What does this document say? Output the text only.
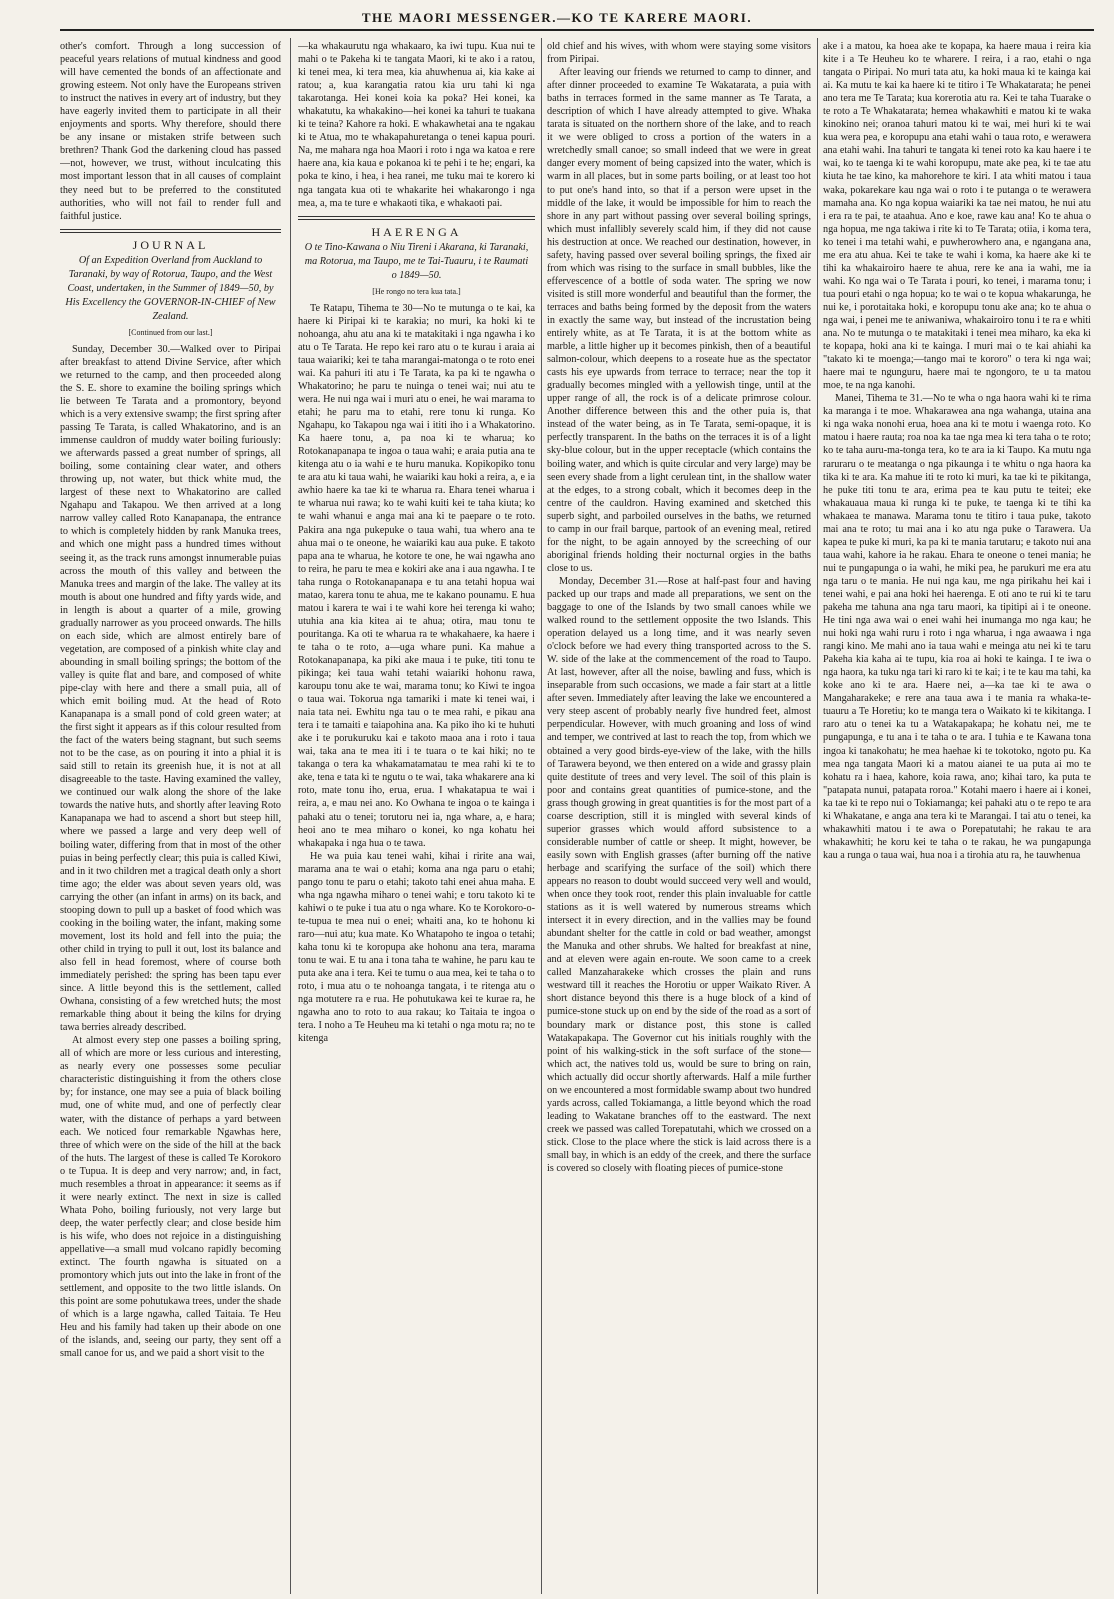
THE MAORI MESSENGER.—KO TE KARERE MAORI.

other's comfort. Through a long succession of peaceful years relations of mutual kindness and good will have cemented the bonds of an affectionate and growing esteem. Not only have the Europeans striven to instruct the natives in every art of industry, but they have eagerly invited them to participate in all their enjoyments and sports. Why therefore, should there be any insane or mistaken strife between such brethren? Thank God the darkening cloud has passed—not, however, we trust, without inculcating this most important lesson that in all causes of complaint they need but to be preferred to the constituted authorities, who will not fail to render full and faithful justice.

JOURNAL
Of an Expedition Overland from Auckland to Taranaki, by way of Rotorua, Taupo, and the West Coast, undertaken, in the Summer of 1849—50, by His Excellency the GOVERNOR-IN-CHIEF of New Zealand.
[Continued from our last.]

Sunday, December 30.—Walked over to Piripai after breakfast to attend Divine Service, after which we returned to the camp, and then proceeded along the S. E. shore to examine the boiling springs which lie between Te Tarata and a promontory, beyond which is a very extensive swamp; the first spring after passing Te Tarata, is called Whakatorino, and is an immense cauldron of muddy water boiling furiously: we afterwards passed a great number of springs, all boiling, some containing clear water, and others throwing up, not water, but thick white mud, the largest of these next to Whakatorino are called Ngahapu and Takapou. We then arrived at a long narrow valley called Roto Kanapanapa, the entrance to which is completely hidden by rank Manuka trees, and which one might pass a hundred times without seeing it, as the track runs amongst innumerable puias across the mouth of this valley and between the Manuka trees and margin of the lake. The valley at its mouth is about one hundred and fifty yards wide, and in length is about a quarter of a mile, growing gradually narrower as you proceed onwards. The hills on each side, which are almost entirely bare of vegetation, are composed of a pinkish white clay and abounding in small boiling springs; the bottom of the valley is quite flat and bare, and composed of white pipe-clay with here and there a small puia, all of which emit boiling mud. At the head of Roto Kanapanapa is a small pond of cold green water; at the first sight it appears as if this colour resulted from the fact of the waters being stagnant, but such seems not to be the case, as on pouring it into a phial it is said still to retain its greenish hue, it is not at all disagreeable to the taste. Having examined the valley, we continued our walk along the shore of the lake towards the native huts, and shortly after leaving Roto Kanapanapa we had to ascend a short but steep hill, where we passed a large and very deep well of boiling water, differing from that in most of the other puias in being perfectly clear; this puia is called Kiwi, and in it two children met a tragical death only a short time ago; the elder was about seven years old, was carrying the other (an infant in arms) on its back, and stooping down to pull up a basket of food which was cooking in the boiling water, the infant, making some movement, lost its hold and fell into the puia; the other child in trying to pull it out, lost its balance and also fell in head foremost, where of course both immediately perished: the spring has been tapu ever since. A little beyond this is the settlement, called Owhana, consisting of a few wretched huts; the most remarkable thing about it being the kilns for drying tawa berries already described.

At almost every step one passes a boiling spring, all of which are more or less curious and interesting, as nearly every one possesses some peculiar characteristic distinguishing it from the others close by; for instance, one may see a puia of black boiling mud, one of white mud, and one of perfectly clear water, with the distance of perhaps a yard between each. We noticed four remarkable Ngawhas here, three of which were on the side of the hill at the back of the huts. The largest of these is called Te Korokoro o te Tupua. It is deep and very narrow; and, in fact, much resembles a throat in appearance: it seems as if it were nearly extinct. The next in size is called Whata Poho, boiling furiously, not very large but deep, the water perfectly clear; and close beside him is his wife, who does not rejoice in a distinguishing appellative—a small mud volcano rapidly becoming extinct. The fourth ngawha is situated on a promontory which juts out into the lake in front of the settlement, and opposite to the two little islands. On this point are some pohutukawa trees, under the shade of which is a large ngawha, called Taitaia. Te Heu Heu and his family had taken up their abode on one of the islands, and, seeing our party, they sent off a small canoe for us, and we paid a short visit to the

—ka whakaurutu nga whakaaro, ka iwi tupu. Kua nui te mahi o te Pakeha ki te tangata Maori, ki te ako i a ratou, ki tenei mea, ki tera mea, kia ahuwhenua ai, kia kake ai ratou; a, kua karangatia ratou kia uru tahi ki nga takarotanga. Hei konei koia ka poka? Hei konei, ka whakatutu, ka whakakino—hei konei ka tahuri te tuakana ki te teina? Kahore ra hoki. E whakawhetai ana te ngakau ki te Atua, mo te whakapahuretanga o tenei kapua pouri. Na, me mahara nga hoa Maori i roto i nga wa katoa e rere haere ana, kia kaua e pokanoa ki te pehi i te he; engari, ka poka te kino, i hea, i hea ranei, me tuku mai te korero ki nga tangata kua oti te whakarite hei whakarongo i nga mea, a, ma te ture e whakaoti tika, e whakaoti pai.

HAERENGA
O te Tino-Kawana o Niu Tireni i Akarana, ki Taranaki, ma Rotorua, ma Taupo, me te Tai-Tuauru, i te Raumati o 1849—50.
[He rongo no tera kua tata.]

Te Ratapu, Tihema te 30—No te mutunga o te kai, ka haere ki Piripai ki te karakia; no muri, ka hoki ki te nohoanga, ahu atu ana ki te matakitaki i nga ngawha i ko atu o Te Tarata. He repo kei raro atu o te kurau i araia ai taua waiariki; kei te taha marangai-matonga o te roto enei wai. Ka pahuri iti atu i Te Tarata, ka pa ki te ngawha o Whakatorino; he paru te nuinga o tenei wai; nui atu te wera. He nui nga wai i muri atu o enei, he wai marama to etahi; he paru ma to etahi, rere tonu ki runga. Ko Ngahapu, ko Takapou nga wai i ititi iho i a Whakatorino. Ka haere tonu, a, pa noa ki te wharua; ko Rotokanapanapa te ingoa o taua wahi; e araia putia ana te kitenga atu o ia wahi e te huru manuka. Kopikopiko tonu te ara atu ki taua wahi, he waiariki kau hoki a reira, a, e ia awhio haere ka tae ki te wharua ra. Ehara tenei wharua i te wharua nui rawa; ko te wahi kuiti kei te taha kiuta; ko te wahi whanui e anga mai ana ki te paepare o te roto. Pakira ana nga pukepuke o taua wahi, tua whero ana te ahua mai o te oneone, he waiariki kau aua puke. E takoto papa ana te wharua, he kotore te one, he wai ngawha ano to reira, he paru te mea e kokiri ake ana i aua ngawha. I te taha runga o Rotokanapanapa e tu ana tetahi hopua wai matao, karera tonu te ahua, me te kakano pounamu. E hua matou i karera te wai i te wahi kore hei terenga ki waho; utuhia ana kia kitea ai te ahua; otira, mau tonu te pouritanga. Ka oti te wharua ra te whakahaere, ka haere i te taha o te roto, a—uga whare puni. Ka mahue a Rotokanapanapa, ka piki ake maua i te puke, titi tonu te pikinga; kei taua wahi tetahi waiariki hohonu rawa, karoupu tonu ake te wai, marama tonu; ko Kiwi te ingoa o taua wai. Tokorua nga tamariki i mate ki tenei wai, i naia tata nei. Ewhitu nga tau o te mea rahi, e pikau ana tera i te tamaiti e taiapohina ana. Ka piko iho ki te huhuti ake i te porukuruku kai e takoto maoa ana i roto i taua wai, taka ana te mea iti i te tuara o te kai hiki; no te takanga o tera ka whakamatamatau te mea rahi ki te to ake, tena e tata ki te ngutu o te wai, taka whakarere ana ki roto, mate tonu iho, erua, erua. I whakatapua te wai i reira, a, e mau nei ano. Ko Owhana te ingoa o te kainga i pahaki atu o tenei; torutoru nei ia, nga whare, a, e hara; heoi ano te mea miharo o konei, ko nga kohatu hei whakapaka i nga hua o te tawa.

He wa puia kau tenei wahi, kihai i ririte ana wai, marama ana te wai o etahi; koma ana nga paru o etahi; pango tonu te paru o etahi; takoto tahi enei ahua maha. E wha nga ngawha miharo o tenei wahi; e toru takoto ki te kahiwi o te puke i tua atu o nga whare. Ko te Korokoro-o-te-tupua te mea nui o enei; whaiti ana, ko te hohonu ki raro—nui atu; kua mate. Ko Whatapoho te ingoa o tetahi; kaha tonu ki te koropupa ake hohonu ana tera, marama tonu te wai. E tu ana i tona taha te wahine, he paru kau te puta ake ana i tera. Kei te tumu o aua mea, kei te taha o to roto, i mua atu o te nohoanga tangata, i te ritenga atu o nga motutere ra e rua. He pohutukawa kei te kurae ra, he ngawha ano to roto to aua rakau; ko Taitaia te ingoa o tera. I noho a Te Heuheu ma ki tetahi o nga motu ra; no te kitenga

old chief and his wives, with whom were staying some visitors from Piripai.

After leaving our friends we returned to camp to dinner, and after dinner proceeded to examine Te Wakatarata, a puia with baths in terraces formed in the same manner as Te Tarata, a description of which I have already attempted to give. Whaka tarata is situated on the northern shore of the lake, and to reach it we were obliged to cross a portion of the waters in a wretchedly small canoe; so small indeed that we were in great danger every moment of being capsized into the water, which is warm in all places, but in some parts boiling, or at least too hot to put one's hand into, so that if a person were upset in the middle of the lake, it would be impossible for him to reach the shore in any part without passing over several boiling springs, which must infallibly severely scald him, if they did not cause his destruction at once. We reached our destination, however, in safety, having passed over several boiling springs, the fixed air from which was rising to the surface in small bubbles, like the effervescence of a bottle of soda water. The spring we now visited is still more wonderful and beautiful than the former, the terraces and baths being formed by the deposit from the waters in exactly the same way, but instead of the incrustation being entirely white, as at Te Tarata, it is at the bottom white as marble, a little higher up it becomes pinkish, then of a beautiful salmon-colour, which deepens to a roseate hue as the spectator casts his eye upwards from terrace to terrace; near the top it gradually becomes mingled with a yellowish tinge, until at the upper range of all, the rock is of a delicate primrose colour. Another difference between this and the other puia is, that instead of the water being, as in Te Tarata, semi-opaque, it is perfectly transparent. In the baths on the terraces it is of a light sky-blue colour, but in the upper receptacle (which contains the boiling water, and which is quite circular and very large) may be seen every shade from a light cerulean tint, in the shallow water at the edges, to a strong cobalt, which it becomes deep in the centre of the cauldron. Having examined and sketched this superb sight, and parboiled ourselves in the baths, we returned to camp in our frail barque, partook of an evening meal, retired for the night, to be again annoyed by the screeching of our aboriginal friends holding their nocturnal orgies in the baths close to us.

Monday, December 31.—Rose at half-past four and having packed up our traps and made all preparations, we sent on the baggage to one of the Islands by two small canoes while we walked round to the settlement opposite the two Islands. This operation delayed us a long time, and it was nearly seven o'clock before we had every thing transported across to the S. W. side of the lake at the commencement of the road to Taupo. At last, however, after all the noise, bawling and fuss, which is inseparable from such occasions, we made a fair start at a little after seven. Immediately after leaving the lake we encountered a very steep ascent of probably nearly five hundred feet, almost perpendicular. However, with much groaning and loss of wind and temper, we contrived at last to reach the top, from which we obtained a very good birds-eye-view of the lake, with the hills of Tarawera beyond, we then entered on a wide and grassy plain quite destitute of trees and very level. The soil of this plain is poor and contains great quantities of pumice-stone, and the grass though growing in great quantities is for the most part of a coarse description, still it is mingled with several kinds of superior grasses which would afford subsistence to a considerable number of cattle or sheep. It might, however, be easily sown with English grasses (after burning off the native herbage and scarifying the surface of the soil) which there appears no reason to doubt would succeed very well and would, when once they took root, render this plain invaluable for cattle stations as it is well watered by numerous streams which intersect it in every direction, and in the vallies may be found abundant shelter for the cattle in cold or bad weather, amongst the Manuka and other shrubs. We halted for breakfast at nine, and at eleven were again en-route. We soon came to a creek called Manzaharakeke which crosses the plain and runs westward till it reaches the Horotiu or upper Waikato River. A short distance beyond this there is a huge block of a kind of pumice-stone stuck up on end by the side of the road as a sort of boundary mark or distance post, this stone is called Watakapakapa. The Governor cut his initials roughly with the point of his walking-stick in the soft surface of the stone—which act, the natives told us, would be sure to bring on rain, which actually did occur shortly afterwards. Half a mile further on we encountered a most formidable swamp about two hundred yards across, called Tokiamanga, a little beyond which the road leading to Wakatane branches off to the eastward. The next creek we passed was called Torepatutahi, which we crossed on a stick. Close to the place where the stick is laid across there is a small bay, in which is an eddy of the creek, and there the surface is covered so closely with floating pieces of pumice-stone

ake i a matou, ka hoea ake te kopapa, ka haere maua i reira kia kite i a Te Heuheu ko te wharere. I reira, i a rao, etahi o nga tangata o Piripai. No muri tata atu, ka hoki maua ki te kainga kai ai. Ka mutu te kai ka haere ki te titiro i Te Whakatarata; he penei ano tera me Te Tarata; kua korerotia atu ra. Kei te taha Tuarake o te roto a Te Whakatarata; hemea whakawhiti e matou ki te waka kinokino nei; oranoa tahuri matou ki te wai, mei huri ki te wai kua wera pea, e koropupu ana etahi wahi o taua roto, e werawera ana etahi wahi. Ina tahuri te tangata ki tenei roto ka kau haere i te wai, ko te taenga ki te wahi koropupu, mate ake pea, ki te tae atu kiuta he tae kino, ka mahorehore te kiri. I ata whiti matou i taua waka, pokarekare kau nga wai o roto i te putanga o te werawera mamaha ana. Ko nga kopua waiariki ka tae nei matou, he nui atu i era ra te pai, te ataahua. Ano e koe, rawe kau ana! Ko te ahua o nga hopua, me nga takiwa i rite ki to Te Tarata; otiia, i koma tera, ko tenei i ma tetahi wahi, e puwherowhero ana, e ngangana ana, me era atu ahua. Kei te take te wahi i koma, ka haere ake ki te tihi ka whakairoiro haere te ahua, rere ke ana ia wahi, me ia wahi. Ko nga wai o Te Tarata i pouri, ko tenei, i marama tonu; i tua pouri etahi o nga hopua; ko te wai o te kopua whakarunga, he nui ke, i porotaitaka hoki, e koropupu tonu ake ana; ko te ahua o nga wai, i penei me te aniwaniwa, whakairoiro tonu i te ra e whiti ana. No te mutunga o te matakitaki i tenei mea miharo, ka eka ki te kopapa, hoki ana ki te kainga. I muri mai o te kai ahiahi ka "takato ki te moenga;—tango mai te kororo" o tera ki nga wai; haere mai te ngunguru, haere mai te ngongoro, te u ta matou moe, te na nga kanohi.

Manei, Tihema te 31.—No te wha o nga haora wahi ki te rima ka maranga i te moe. Whakarawea ana nga wahanga, utaina ana ki nga waka nonohi erua, hoea ana ki te motu i waenga roto. Ko matou i haere rauta; roa noa ka tae nga mea ki tera taha o te roto; ko te taha auru-ma-tonga tera, ko te ara ia ki Taupo. Ka mutu nga raruraru o te meatanga o nga pikaunga i te whitu o nga haora ka tika ki te ara. Ka mahue iti te roto ki muri, ka tae ki te pikitanga, he puke titi tonu te ara, erima pea te kau putu te teitei; eke whakauaua maua ki runga ki te puke, te taenga ki te tihi ka whakaea te manawa. Marama tonu te titiro i taua puke, takoto mai ana te roto; tu mai ana i ko atu nga puke o Tarawera. Ua kapea te puke ki muri, ka pa ki te mania tarutaru; e takoto nui ana taua wahi, kahore ia he rakau. Ehara te oneone o tenei mania; he nui te pungapunga o ia wahi, he miki pea, he parukuri me era atu nga taru o te mania. He nui nga kau, me nga pirikahu hei kai i tenei wahi, e pai ana hoki hei haerenga. E oti ano te rui ki te taru pakeha me tahuna ana nga taru maori, ka tipitipi ai i te oneone. He tini nga awa wai o enei wahi hei inumanga mo nga kau; he nui hoki nga wahi ruru i roto i nga wharua, i nga awaawa i nga rangi kino. Me mahi ano ia taua wahi e meinga atu nei ki te taru Pakeha kia kaha ai te tupu, kia roa ai hoki te kainga. I te iwa o nga haora, ka tuku nga tari ki raro ki te kai; i te te kau ma tahi, ka koke ano ki te ara. Haere nei, a—ka tae ki te awa o Mangaharakeke; e rere ana taua awa i te mania ra whaka-te-tuauru a Te Horetiu; ko te manga tera o Waikato ki te kikitanga. I raro atu o tenei ka tu a Watakapakapa; he kohatu nei, me te pungapunga, e tu ana i te taha o te ara. I tuhia e te Kawana tona ingoa ki tanakohatu; he mea haehae ki te tokotoko, ngoto pu. Ka mea nga tangata Maori ki a matou aianei te ua puta ai mo te kohatu ra i haea, kahore, koia rawa, ano; kihai taro, ka puta te "patapata nunui, patapata roroa." Kotahi maero i haere ai i konei, ka tae ki te repo nui o Tokiamanga; kei pahaki atu o te repo te ara ki Whakatane, e anga ana tera ki te Marangai. I tai atu o tenei, ka whakawhiti matou i te awa o Porepatutahi; he rakau te ara whakawhiti; he koru kei te taha o te rakau, he wa pungapunga kau a runga o taua wai, hua noa i a tirohia atu ra, he tauwhenua
